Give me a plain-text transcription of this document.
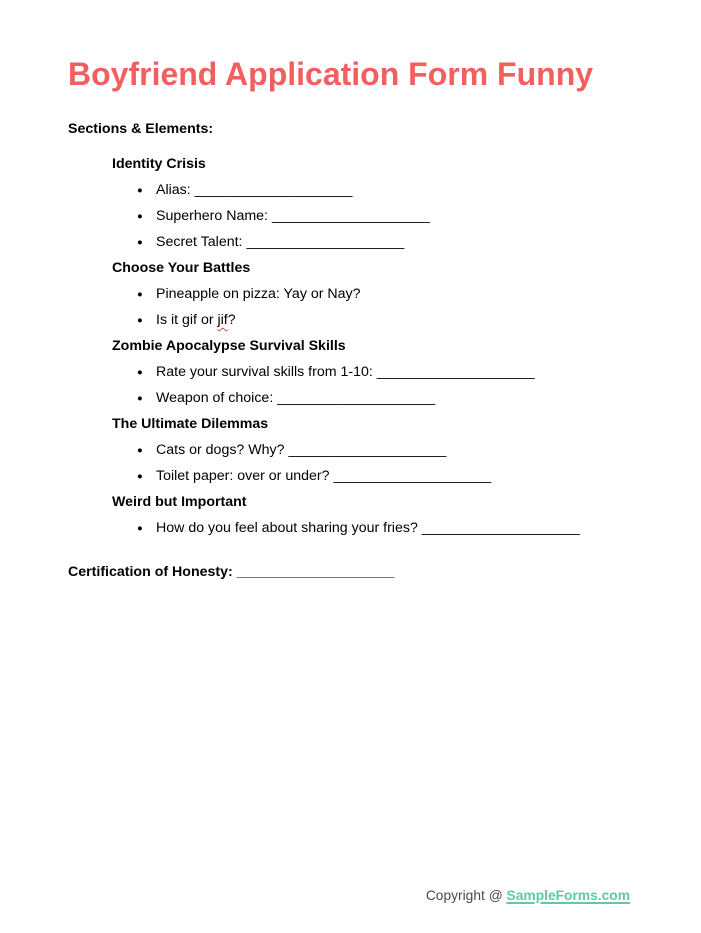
Boyfriend Application Form Funny
Sections & Elements:
Identity Crisis
● Alias: ____________________
● Superhero Name: ____________________
● Secret Talent: ____________________
Choose Your Battles
● Pineapple on pizza: Yay or Nay?
● Is it gif or jif?
Zombie Apocalypse Survival Skills
● Rate your survival skills from 1-10: ____________________
● Weapon of choice: ____________________
The Ultimate Dilemmas
● Cats or dogs? Why? ____________________
● Toilet paper: over or under? ____________________
Weird but Important
● How do you feel about sharing your fries? ____________________

Certification of Honesty: ____________________

Copyright @ SampleForms.com
